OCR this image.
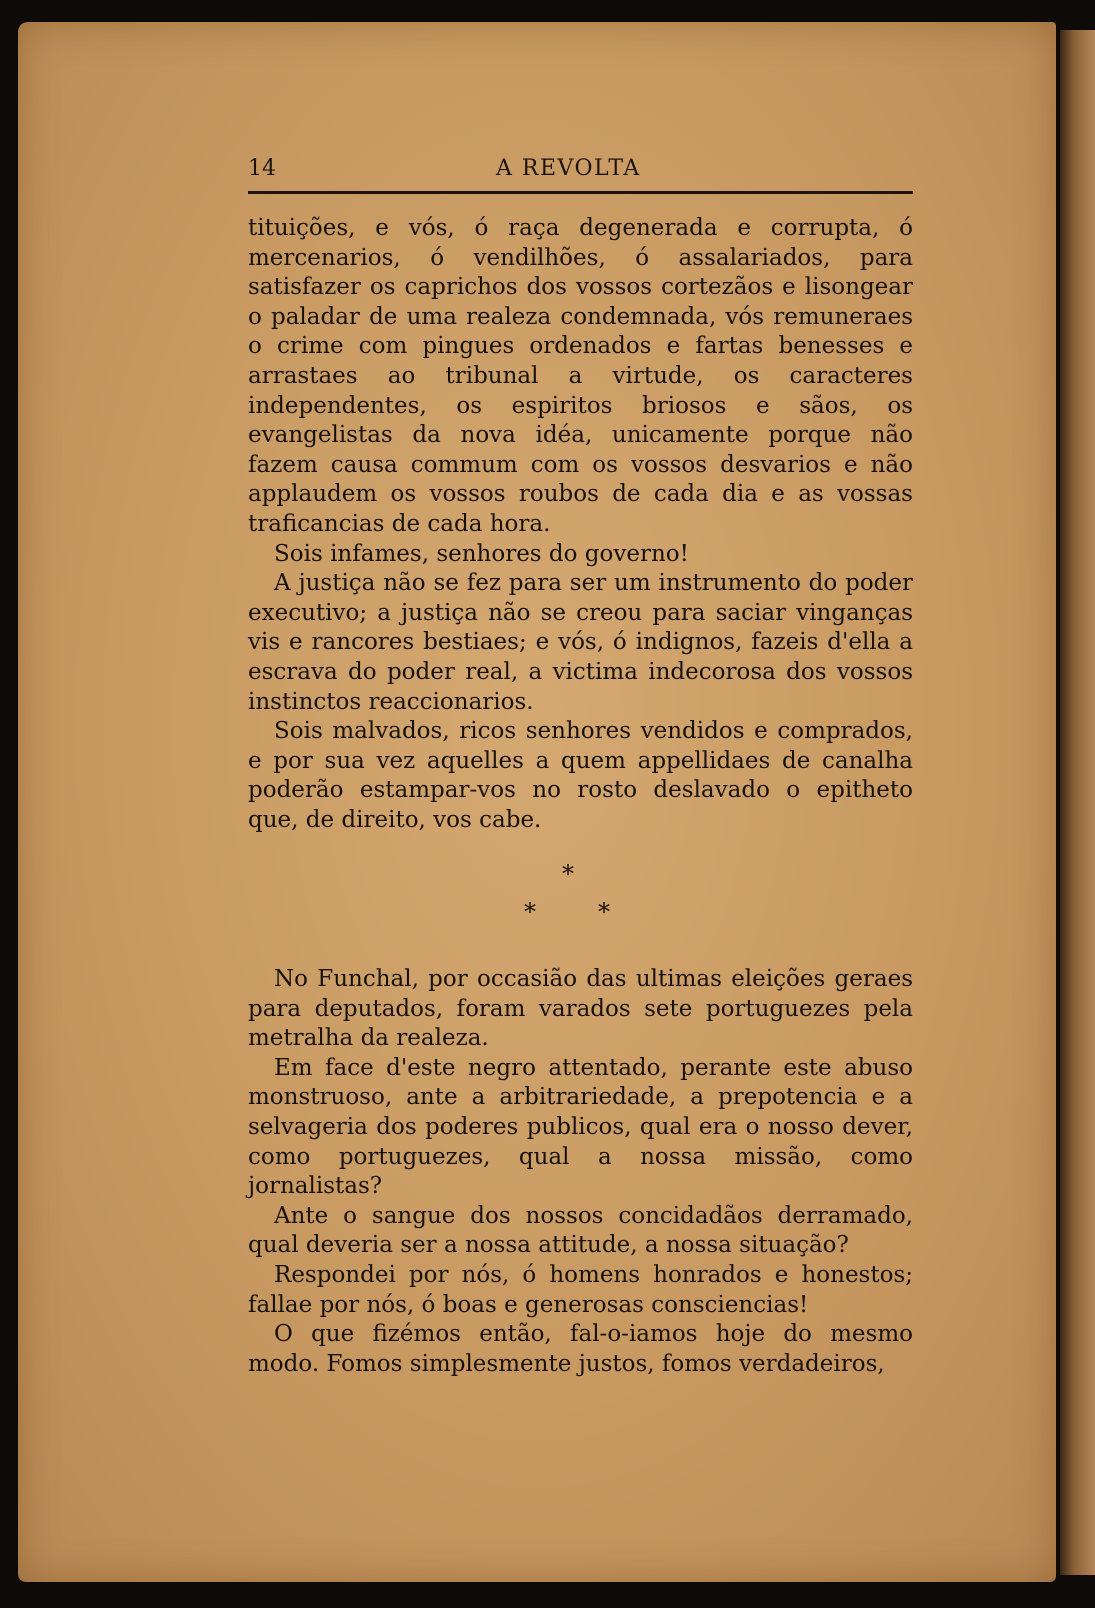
14	A REVOLTA

tituições, e vós, ó raça degenerada e corrupta, ó mercenarios, ó vendilhões, ó assalariados, para satisfazer os caprichos dos vossos cortezãos e lisongear o paladar de uma realeza condemnada, vós remuneraes o crime com pingues ordenados e fartas benesses e arrastaes ao tribunal a virtude, os caracteres independentes, os espiritos briosos e sãos, os evangelistas da nova idéa, unicamente porque não fazem causa commum com os vossos desvarios e não applaudem os vossos roubos de cada dia e as vossas traficancias de cada hora.

Sois infames, senhores do governo!

A justiça não se fez para ser um instrumento do poder executivo; a justiça não se creou para saciar vinganças vis e rancores bestiaes; e vós, ó indignos, fazeis d'ella a escrava do poder real, a victima indecorosa dos vossos instinctos reaccionarios.

Sois malvados, ricos senhores vendidos e comprados, e por sua vez aquelles a quem appellidaes de canalha poderão estampar-vos no rosto deslavado o epitheto que, de direito, vos cabe.

*
*	*

No Funchal, por occasião das ultimas eleições geraes para deputados, foram varados sete portuguezes pela metralha da realeza.

Em face d'este negro attentado, perante este abuso monstruoso, ante a arbitrariedade, a prepotencia e a selvageria dos poderes publicos, qual era o nosso dever, como portuguezes, qual a nossa missão, como jornalistas?

Ante o sangue dos nossos concidadãos derramado, qual deveria ser a nossa attitude, a nossa situação?

Respondei por nós, ó homens honrados e honestos; fallae por nós, ó boas e generosas consciencias!

O que fizémos então, fal-o-iamos hoje do mesmo modo. Fomos simplesmente justos, fomos verdadeiros,
